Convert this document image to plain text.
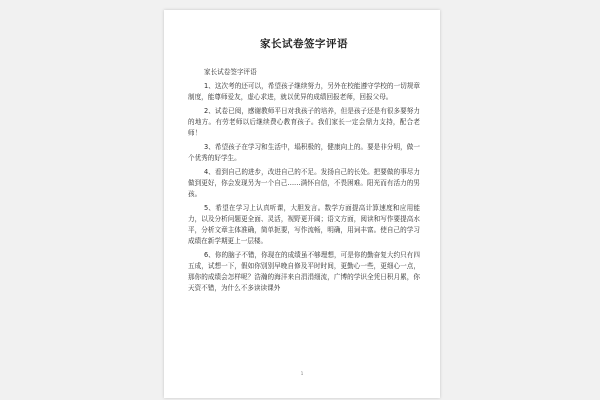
家长试卷签字评语

家长试卷签字评语

1、这次考的还可以，希望孩子继续努力，另外在校能遵守学校的一切规章制度，能尊师爱友，虚心求进，就以优异的成绩回报老师，回报父母。

2、试卷已阅，感谢教师平日对我孩子的培养，但是孩子还是有很多要努力的地方。有劳老师以后继续费心教育孩子。我们家长一定会鼎力支持，配合老师！

3、希望孩子在学习和生活中，塌积极的，健康向上的。要是非分明，做一个优秀的好学生。

4、看到自己的进步，改进自己的不足。发扬自己的长处。把要做的事尽力做到更好，你会发现另为一个自己……满怀自信，不畏困难。阳光而有活力的男孩。

5、希望在学习上认真听课，大胆发言。数学方面提高计算速度和应用能力，以及分析问题更全面、灵活，视野更开阔；语文方面，阅读和写作要提高水平，分析文章主体准确，简单扼要，写作流畅，明确，用词丰富。使自己的学习成绩在新学期更上一层楼。

6、你的脑子不错，你现在的成绩虽不够理想，可是你的勤奋复大约只有四五成，试想一下，假如你别别早晚自修及平时时间，更勤心一些，更细心一点，那你的成绩会怎样呢？浩瀚的海洋来自涓涓细流，广博的学识全凭日积月累，你天资不错，为什么不多读读课外

1
